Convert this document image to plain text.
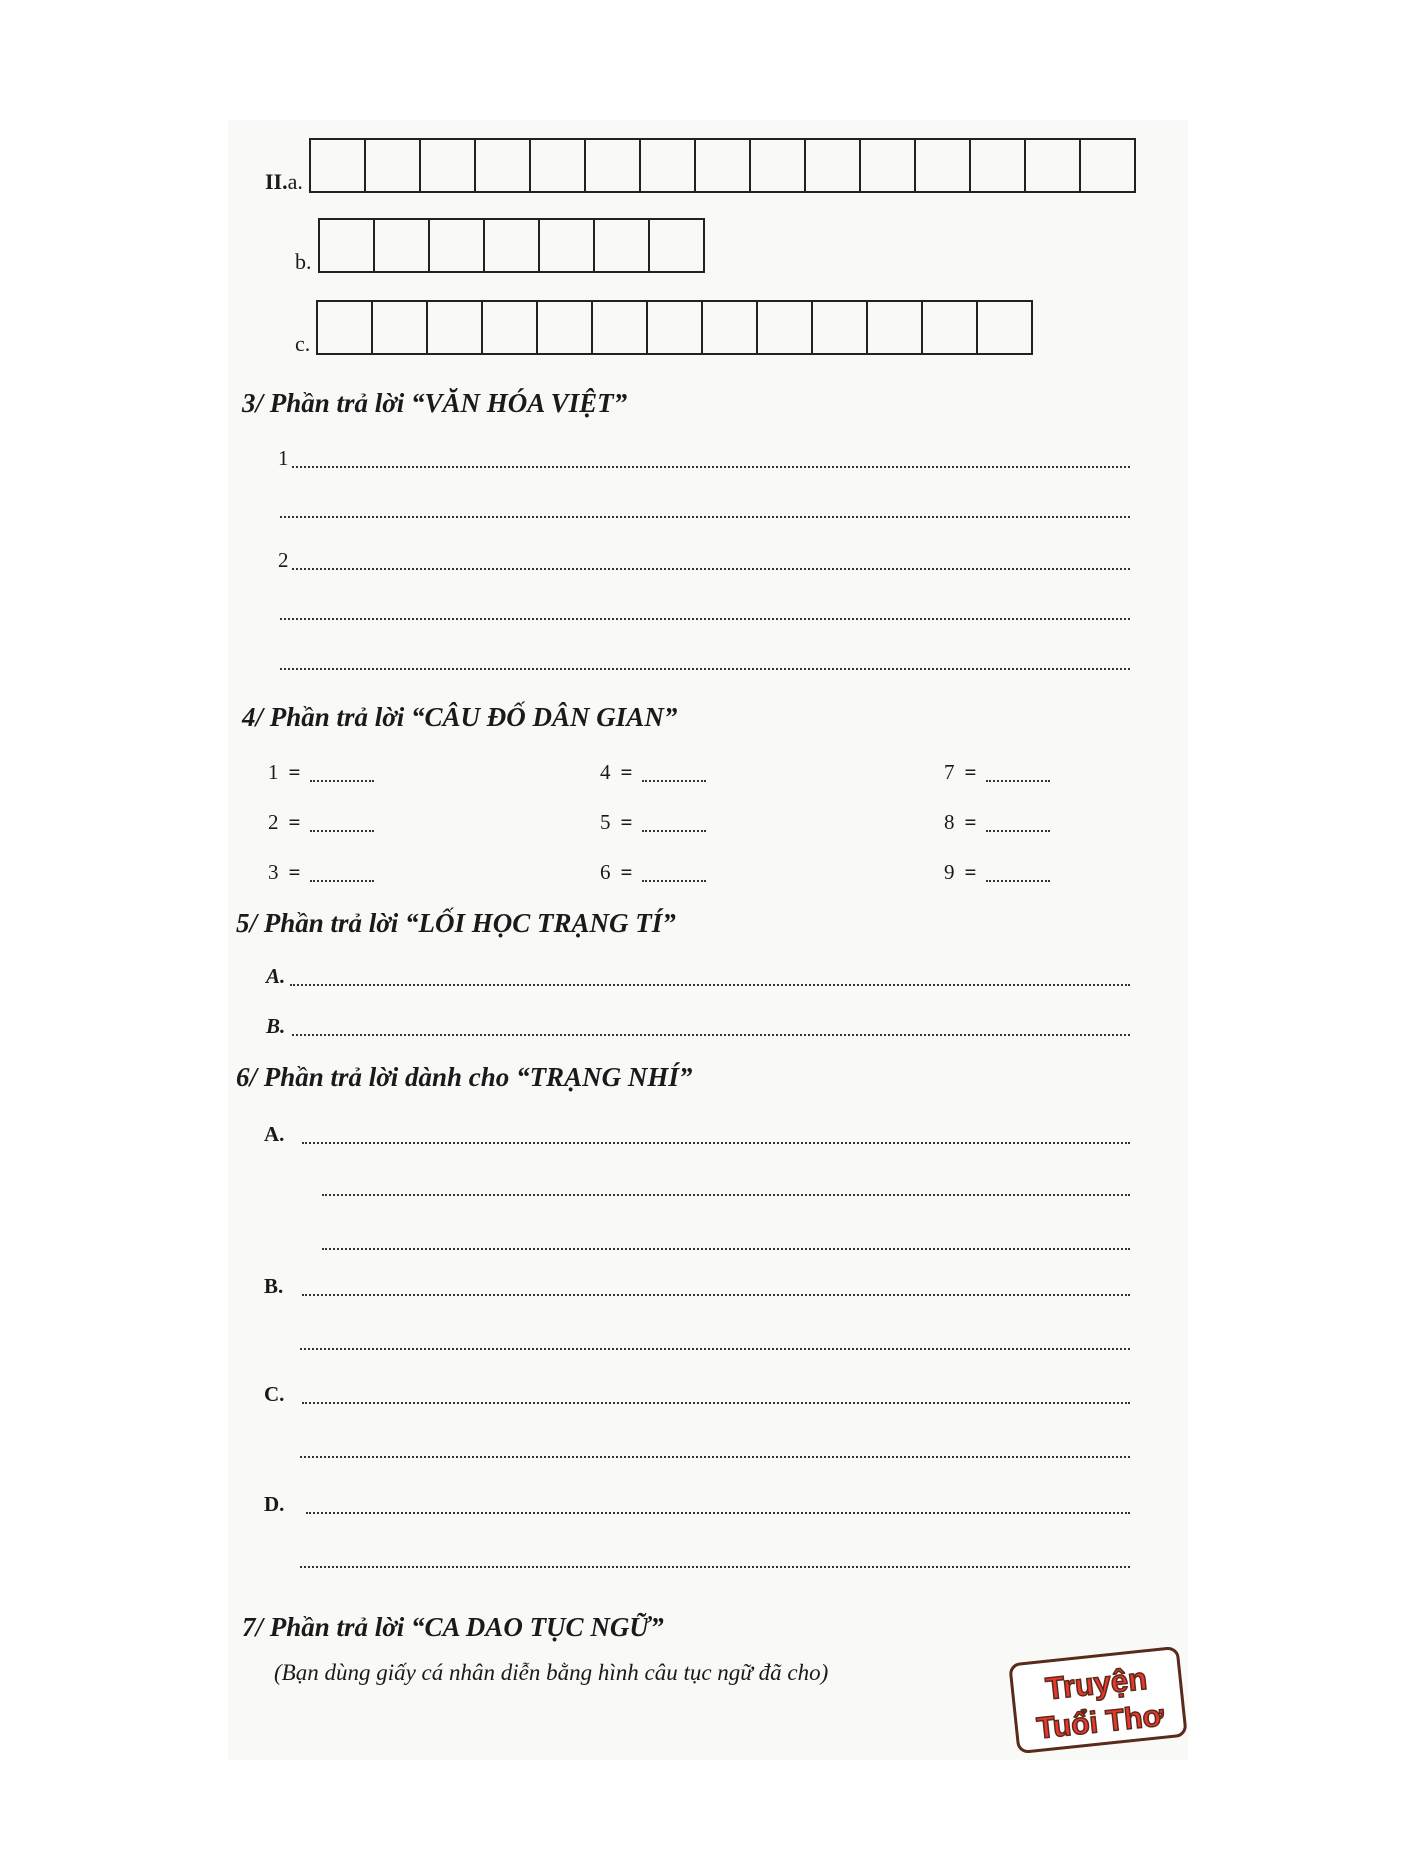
II.a.
b.
c.
3/ Phần trả lời “VĂN HÓA VIỆT”
1
2
4/ Phần trả lời “CÂU ĐỐ DÂN GIAN”
1 =
2 =
3 =
4 =
5 =
6 =
7 =
8 =
9 =
5/ Phần trả lời “LỐI HỌC TRẠNG TÍ”
A.
B.
6/ Phần trả lời dành cho “TRẠNG NHÍ”
A.
B.
C.
D.
7/ Phần trả lời “CA DAO TỤC NGỮ”
(Bạn dùng giấy cá nhân diễn bằng hình câu tục ngữ đã cho)	Truyện
Tuổi Thơ
